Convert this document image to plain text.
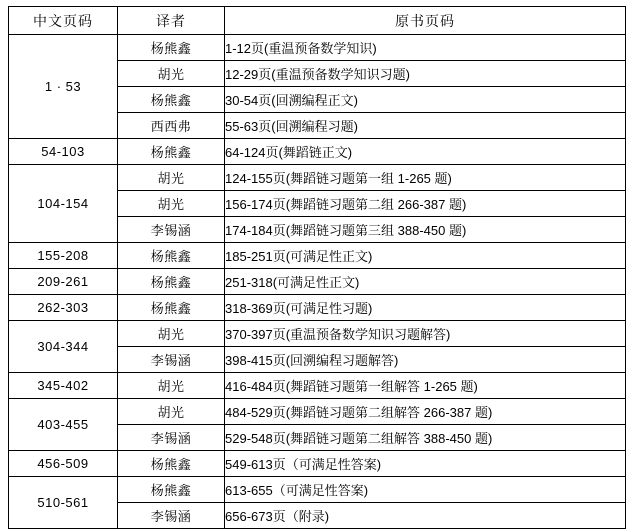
中文页码	译者	原书页码
1 · 53	杨熊鑫	1-12页(重温预备数学知识)
	胡光	12-29页(重温预备数学知识习题)
	杨熊鑫	30-54页(回溯编程正文)
	西西弗	55-63页(回溯编程习题)
54-103	杨熊鑫	64-124页(舞蹈链正文)
104-154	胡光	124-155页(舞蹈链习题第一组 1-265 题)
	胡光	156-174页(舞蹈链习题第二组 266-387 题)
	李锡涵	174-184页(舞蹈链习题第三组 388-450 题)
155-208	杨熊鑫	185-251页(可满足性正文)
209-261	杨熊鑫	251-318(可满足性正文)
262-303	杨熊鑫	318-369页(可满足性习题)
304-344	胡光	370-397页(重温预备数学知识习题解答)
	李锡涵	398-415页(回溯编程习题解答)
345-402	胡光	416-484页(舞蹈链习题第一组解答 1-265 题)
403-455	胡光	484-529页(舞蹈链习题第二组解答 266-387 题)
	李锡涵	529-548页(舞蹈链习题第二组解答 388-450 题)
456-509	杨熊鑫	549-613页（可满足性答案)
510-561	杨熊鑫	613-655（可满足性答案)
	李锡涵	656-673页（附录)
